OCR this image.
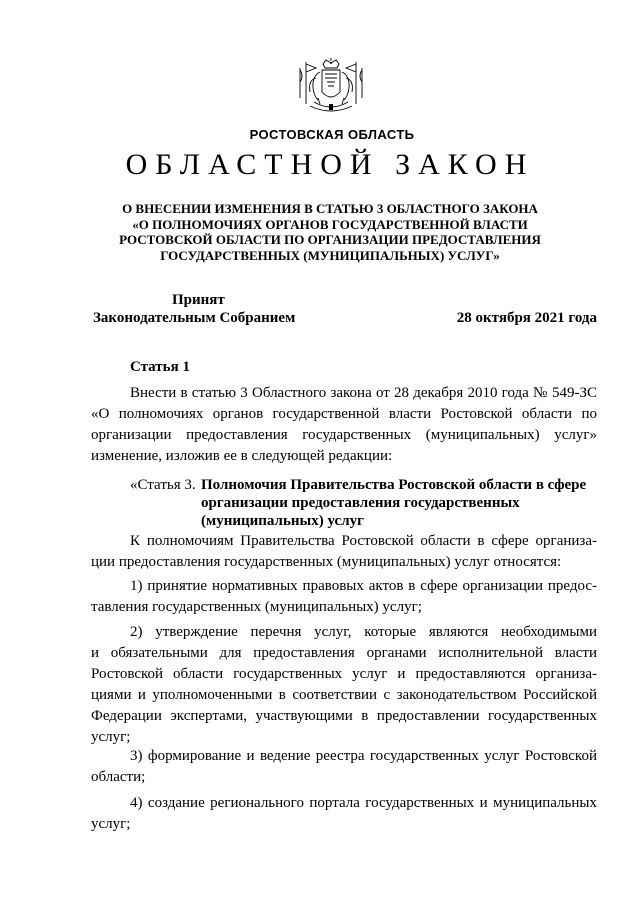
РОСТОВСКАЯ ОБЛАСТЬ
ОБЛАСТНОЙ ЗАКОН
О ВНЕСЕНИИ ИЗМЕНЕНИЯ В СТАТЬЮ 3 ОБЛАСТНОГО ЗАКОНА
«О ПОЛНОМОЧИЯХ ОРГАНОВ ГОСУДАРСТВЕННОЙ ВЛАСТИ
РОСТОВСКОЙ ОБЛАСТИ ПО ОРГАНИЗАЦИИ ПРЕДОСТАВЛЕНИЯ
ГОСУДАРСТВЕННЫХ (МУНИЦИПАЛЬНЫХ) УСЛУГ»
Принят
Законодательным Собранием	28 октября 2021 года
Статья 1
Внести в статью 3 Областного закона от 28 декабря 2010 года № 549-ЗС
«О полномочиях органов государственной власти Ростовской области по
организации предоставления государственных (муниципальных) услуг»
изменение, изложив ее в следующей редакции:
«Статья 3. Полномочия Правительства Ростовской области в сфере
организации предоставления государственных
(муниципальных) услуг
К полномочиям Правительства Ростовской области в сфере организа-
ции предоставления государственных (муниципальных) услуг относятся:
1) принятие нормативных правовых актов в сфере организации предос-
тавления государственных (муниципальных) услуг;
2) утверждение перечня услуг, которые являются необходимыми
и обязательными для предоставления органами исполнительной власти
Ростовской области государственных услуг и предоставляются организа-
циями и уполномоченными в соответствии с законодательством Российской
Федерации экспертами, участвующими в предоставлении государственных
услуг;
3) формирование и ведение реестра государственных услуг Ростовской
области;
4) создание регионального портала государственных и муниципальных
услуг;
